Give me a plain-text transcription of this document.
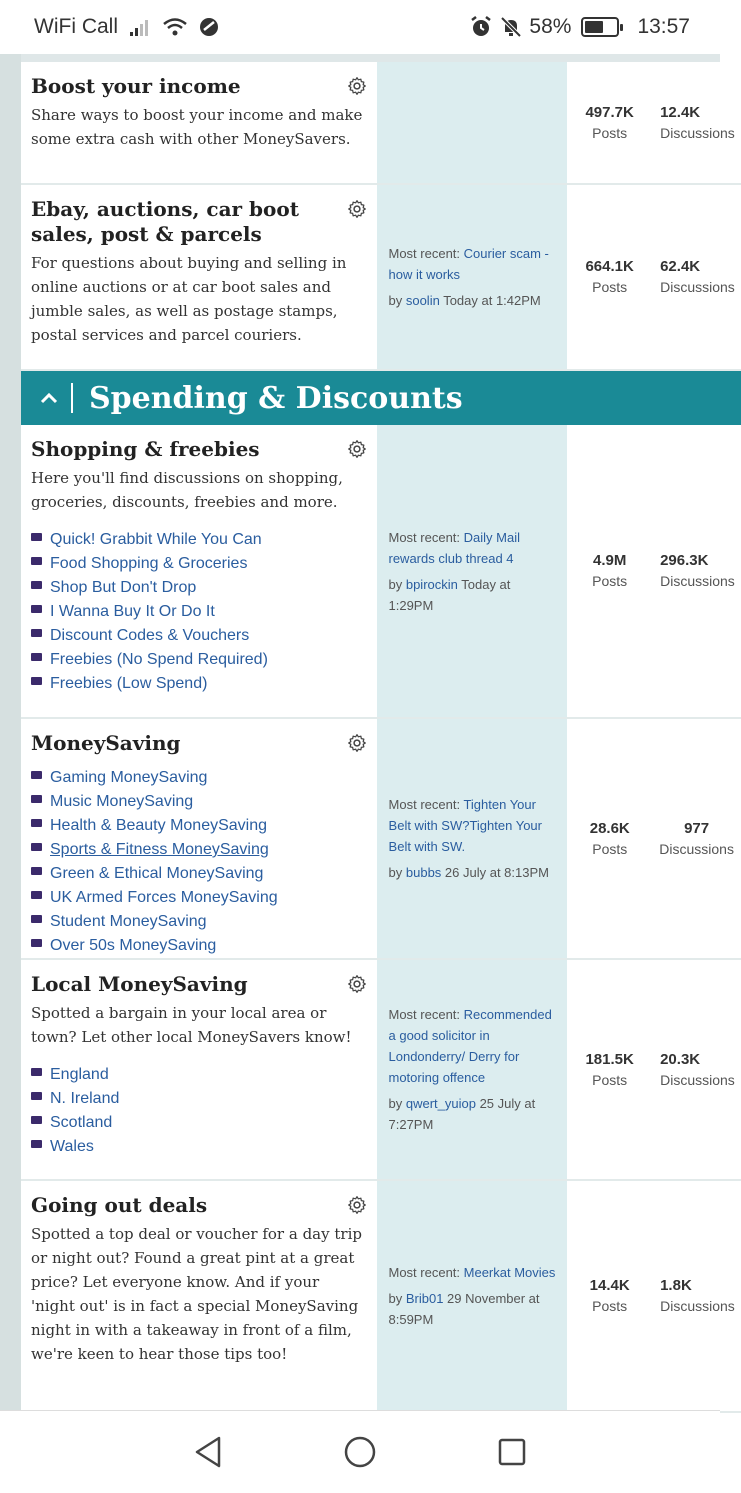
WiFi Call	58%	13:57
Boost your income
Share ways to boost your income and make some extra cash with other MoneySavers.
497.7K
Posts
12.4K
Discussions
Ebay, auctions, car boot sales, post & parcels
For questions about buying and selling in online auctions or at car boot sales and jumble sales, as well as postage stamps, postal services and parcel couriers.
Most recent: Courier scam - how it works
by soolin Today at 1:42PM
664.1K
Posts
62.4K
Discussions
Spending & Discounts
Shopping & freebies
Here you'll find discussions on shopping, groceries, discounts, freebies and more.
Quick! Grabbit While You Can
Food Shopping & Groceries
Shop But Don't Drop
I Wanna Buy It Or Do It
Discount Codes & Vouchers
Freebies (No Spend Required)
Freebies (Low Spend)
Most recent: Daily Mail rewards club thread 4
by bpirockin Today at 1:29PM
4.9M
Posts
296.3K
Discussions
MoneySaving
Gaming MoneySaving
Music MoneySaving
Health & Beauty MoneySaving
Sports & Fitness MoneySaving
Green & Ethical MoneySaving
UK Armed Forces MoneySaving
Student MoneySaving
Over 50s MoneySaving
Most recent: Tighten Your Belt with SW?Tighten Your Belt with SW.
by bubbs 26 July at 8:13PM
28.6K
Posts
977
Discussions
Local MoneySaving
Spotted a bargain in your local area or town? Let other local MoneySavers know!
England
N. Ireland
Scotland
Wales
Most recent: Recommended a good solicitor in Londonderry/ Derry for motoring offence
by qwert_yuiop 25 July at 7:27PM
181.5K
Posts
20.3K
Discussions
Going out deals
Spotted a top deal or voucher for a day trip or night out? Found a great pint at a great price? Let everyone know. And if your 'night out' is in fact a special MoneySaving night in with a takeaway in front of a film, we're keen to hear those tips too!
Most recent: Meerkat Movies
by Brib01 29 November at 8:59PM
14.4K
Posts
1.8K
Discussions
